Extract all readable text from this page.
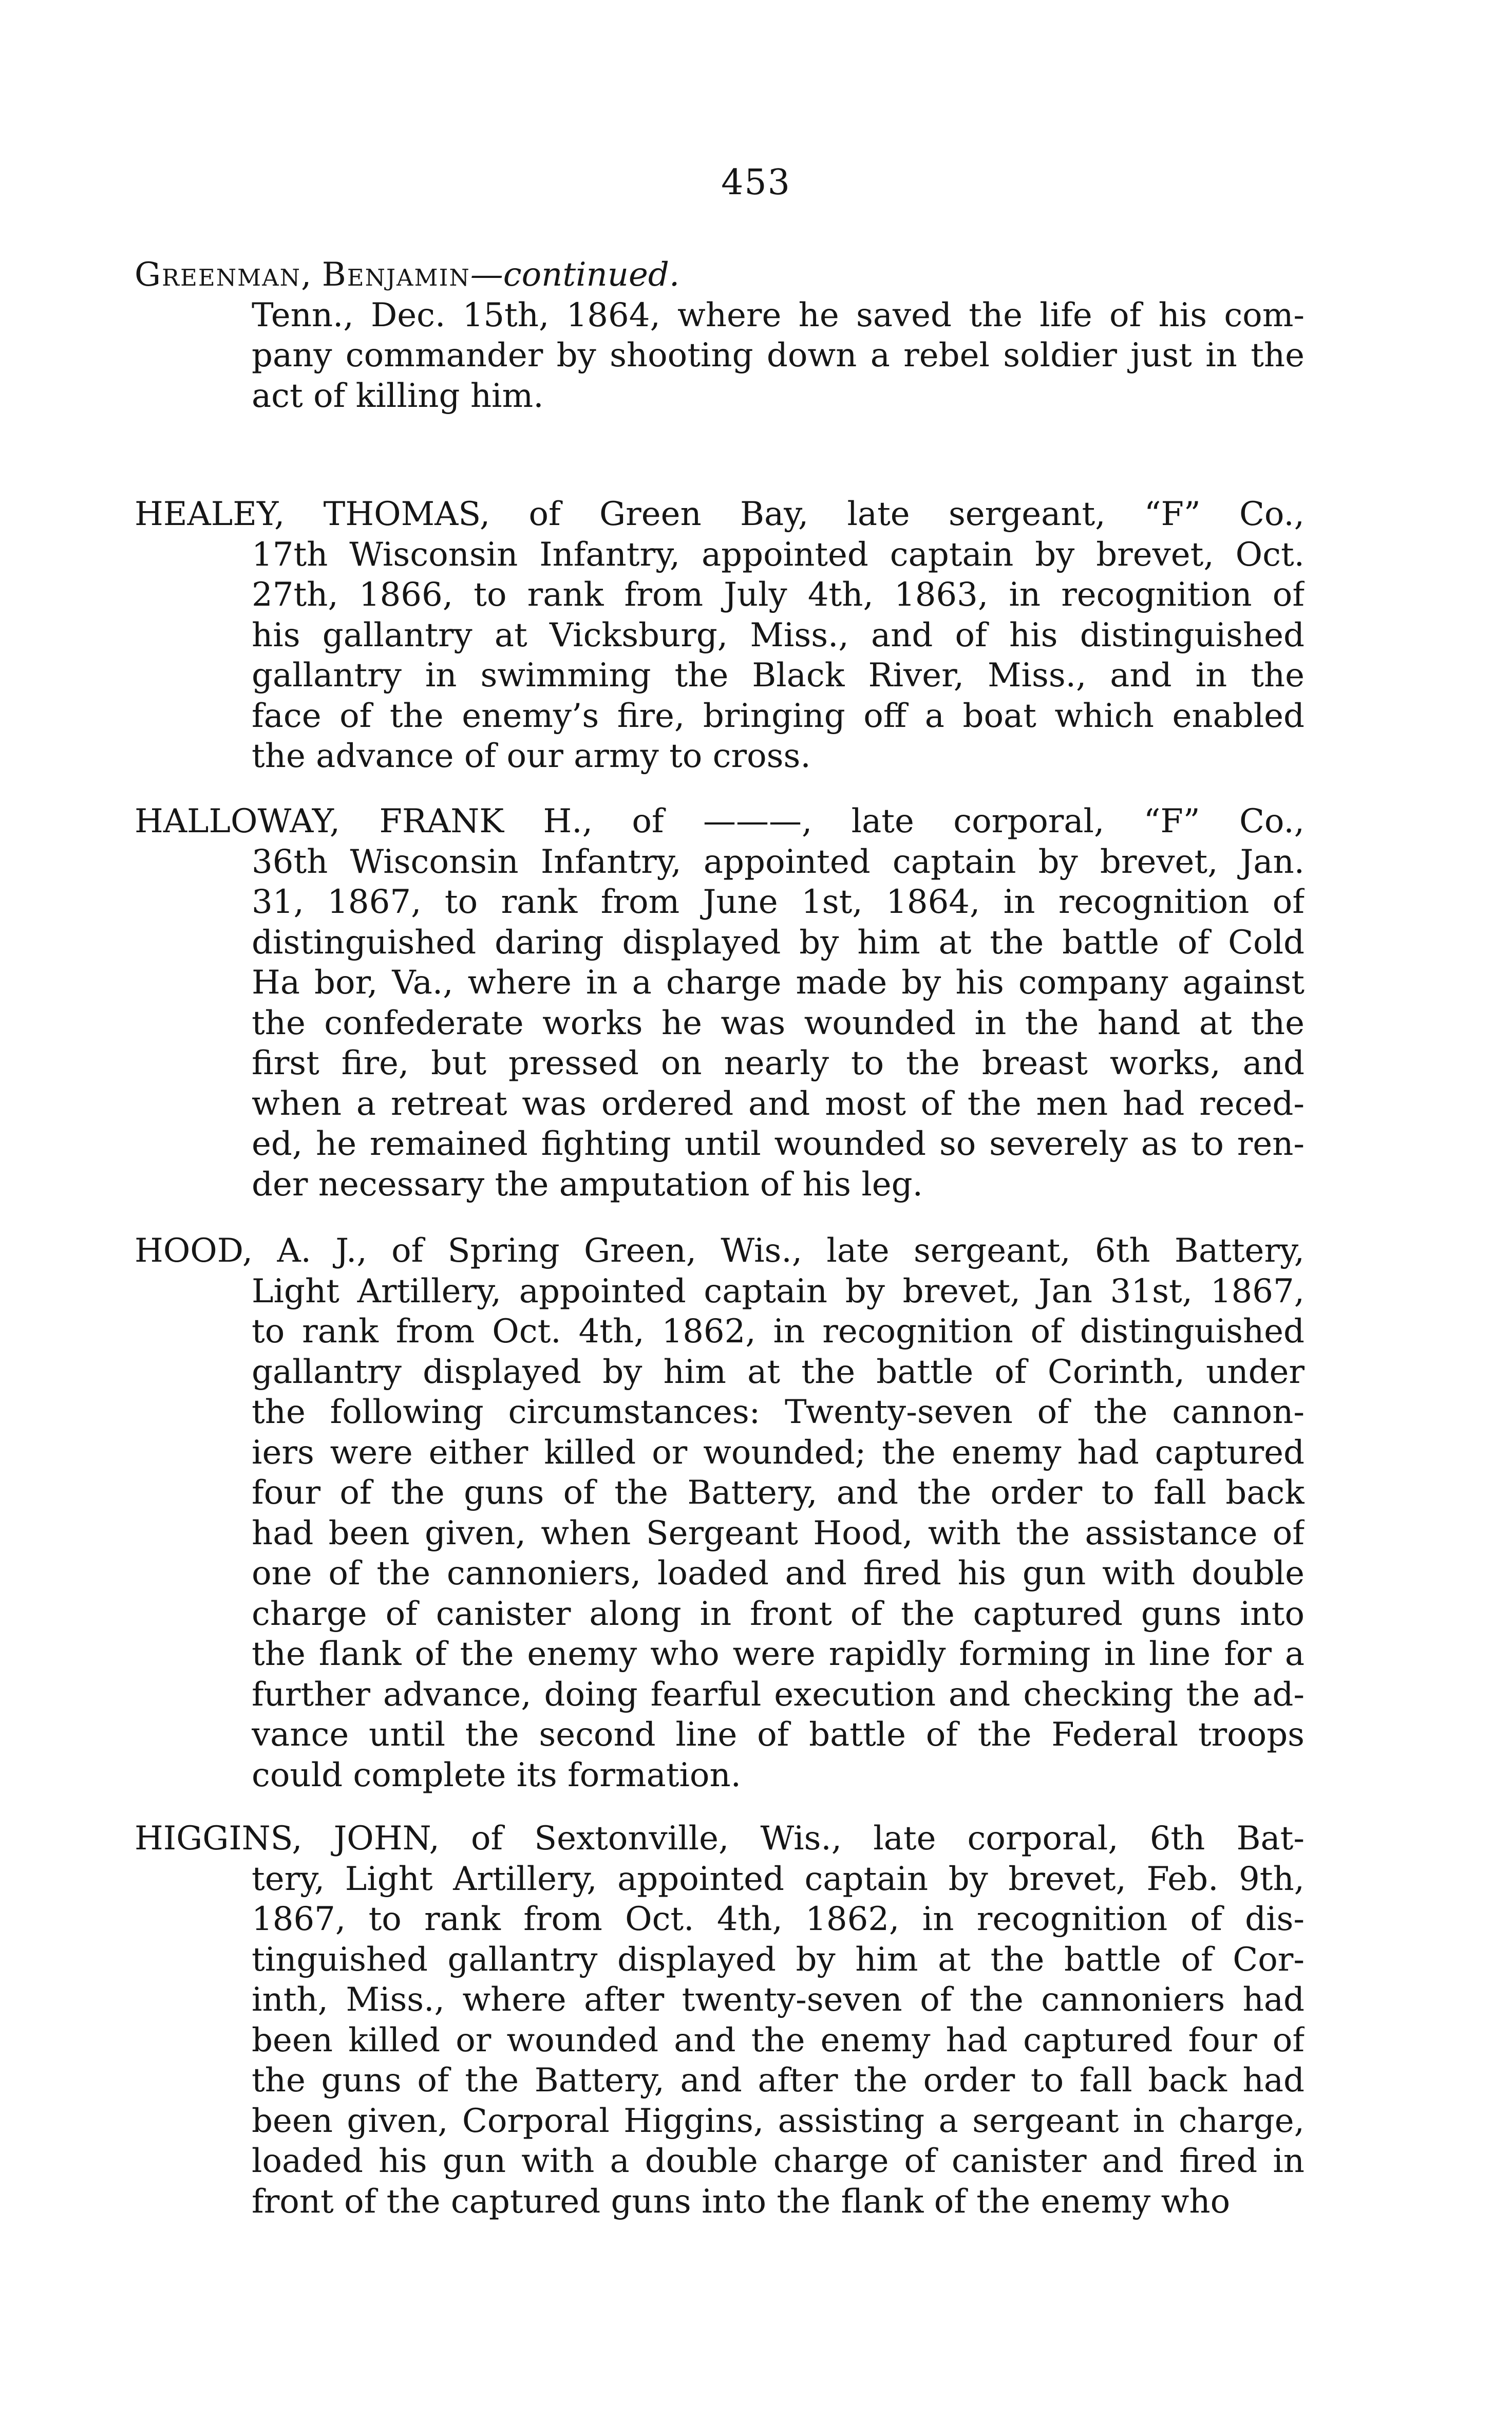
453
Greenman, Benjamin—continued.
Tenn., Dec. 15th, 1864, where he saved the life of his com-
pany commander by shooting down a rebel soldier just in the
act of killing him.
HEALEY, THOMAS, of Green Bay, late sergeant, “F” Co.,
17th Wisconsin Infantry, appointed captain by brevet, Oct.
27th, 1866, to rank from July 4th, 1863, in recognition of
his gallantry at Vicksburg, Miss., and of his distinguished
gallantry in swimming the Black River, Miss., and in the
face of the enemy’s fire, bringing off a boat which enabled
the advance of our army to cross.
HALLOWAY, FRANK H., of ———, late corporal, “F” Co.,
36th Wisconsin Infantry, appointed captain by brevet, Jan.
31, 1867, to rank from June 1st, 1864, in recognition of
distinguished daring displayed by him at the battle of Cold
Ha bor, Va., where in a charge made by his company against
the confederate works he was wounded in the hand at the
first fire, but pressed on nearly to the breast works, and
when a retreat was ordered and most of the men had reced-
ed, he remained fighting until wounded so severely as to ren-
der necessary the amputation of his leg.
HOOD, A. J., of Spring Green, Wis., late sergeant, 6th Battery,
Light Artillery, appointed captain by brevet, Jan 31st, 1867,
to rank from Oct. 4th, 1862, in recognition of distinguished
gallantry displayed by him at the battle of Corinth, under
the following circumstances: Twenty-seven of the cannon-
iers were either killed or wounded; the enemy had captured
four of the guns of the Battery, and the order to fall back
had been given, when Sergeant Hood, with the assistance of
one of the cannoniers, loaded and fired his gun with double
charge of canister along in front of the captured guns into
the flank of the enemy who were rapidly forming in line for a
further advance, doing fearful execution and checking the ad-
vance until the second line of battle of the Federal troops
could complete its formation.
HIGGINS, JOHN, of Sextonville, Wis., late corporal, 6th Bat-
tery, Light Artillery, appointed captain by brevet, Feb. 9th,
1867, to rank from Oct. 4th, 1862, in recognition of dis-
tinguished gallantry displayed by him at the battle of Cor-
inth, Miss., where after twenty-seven of the cannoniers had
been killed or wounded and the enemy had captured four of
the guns of the Battery, and after the order to fall back had
been given, Corporal Higgins, assisting a sergeant in charge,
loaded his gun with a double charge of canister and fired in
front of the captured guns into the flank of the enemy who
